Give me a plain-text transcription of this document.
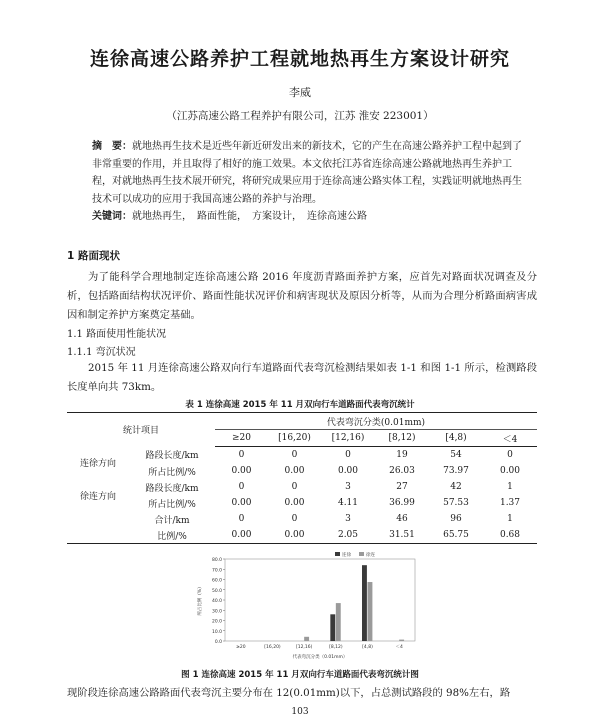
连徐高速公路养护工程就地热再生方案设计研究
李威
（江苏高速公路工程养护有限公司，江苏 淮安 223001）
摘　要：就地热再生技术是近些年新近研发出来的新技术，它的产生在高速公路养护工程中起到了非常重要的作用，并且取得了相好的施工效果。本文依托江苏省连徐高速公路就地热再生养护工程，对就地热再生技术展开研究，将研究成果应用于连徐高速公路实体工程，实践证明就地热再生技术可以成功的应用于我国高速公路的养护与治理。
关键词：就地热再生，　路面性能，　方案设计，　连徐高速公路
1 路面现状
为了能科学合理地制定连徐高速公路 2016 年度沥青路面养护方案，应首先对路面状况调查及分析，包括路面结构状况评价、路面性能状况评价和病害现状及原因分析等，从而为合理分析路面病害成因和制定养护方案奠定基础。
1.1 路面使用性能状况
1.1.1 弯沉状况
2015 年 11 月连徐高速公路双向行车道路面代表弯沉检测结果如表 1-1 和图 1-1 所示，检测路段长度单向共 73km。
表 1 连徐高速 2015 年 11 月双向行车道路面代表弯沉统计
统计项目		代表弯沉分类(0.01mm)					
		≥20	[16,20)	[12,16)	[8,12)	[4,8)	＜4
连徐方向	路段长度/km	0	0	0	19	54	0
	所占比例/%	0.00	0.00	0.00	26.03	73.97	0.00
徐连方向	路段长度/km	0	0	3	27	42	1
	所占比例/%	0.00	0.00	4.11	36.99	57.53	1.37
	合计/km	0	0	3	46	96	1
	比例/%	0.00	0.00	2.05	31.51	65.75	0.68
0.0
10.0
20.0
30.0
40.0
50.0
60.0
70.0
80.0
所占比例（%）
≥20	[16,20)	[12,16)	[8,12)	[4,8)	＜4
代表弯沉分类（0.01mm）
连徐	徐连
图 1 连徐高速 2015 年 11 月双向行车道路面代表弯沉统计图
现阶段连徐高速公路路面代表弯沉主要分布在 12(0.01mm)以下，占总测试路段的 98%左右，路
103
